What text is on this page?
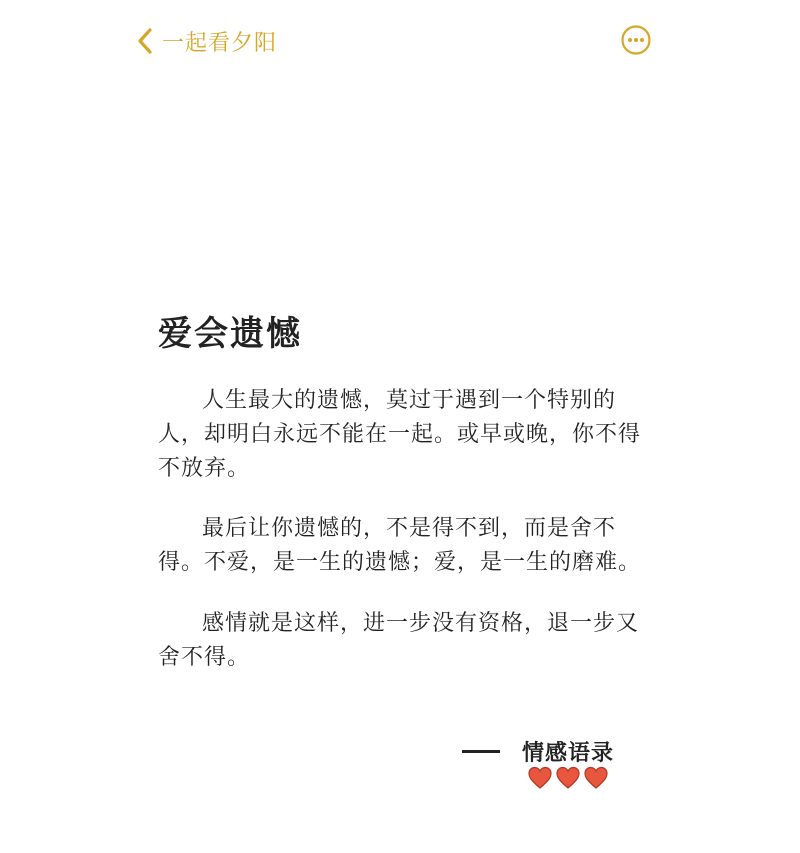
一起看夕阳
爱会遗憾

人生最大的遗憾，莫过于遇到一个特别的
人，却明白永远不能在一起。或早或晚，你不得
不放弃。

最后让你遗憾的，不是得不到，而是舍不
得。不爱，是一生的遗憾；爱，是一生的磨难。

感情就是这样，进一步没有资格，退一步又
舍不得。

情感语录
